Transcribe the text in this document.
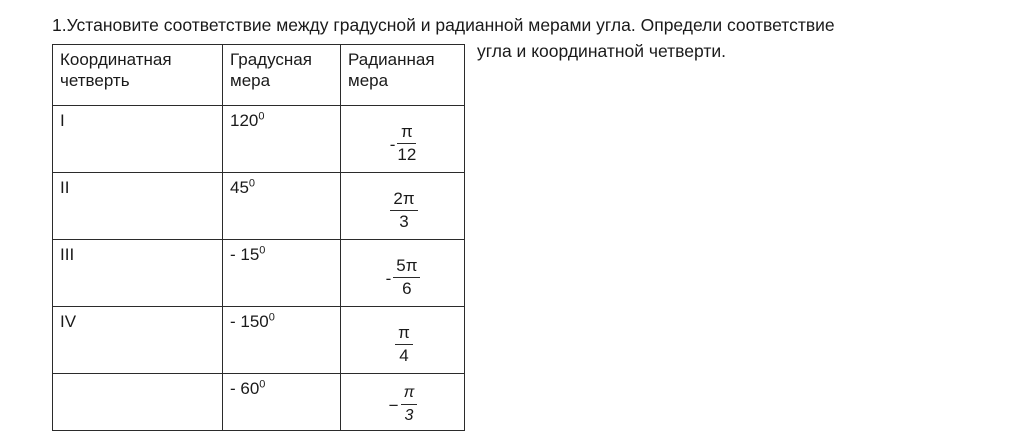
1.Установите соответствие между градусной и радианной мерами угла. Определи соответствие
угла и координатной четверти.
Координатная четверть	Градусная мера	Радианная мера
I	$120^0$	- $\frac{\pi}{12}$

II	$45^0$	$\frac{2\pi}{3}$

III	- $15^0$	- $\frac{5\pi}{6}$

IV	- $150^0$	$\frac{\pi}{4}$

	- $60^0$	− $\frac{\pi}{3}$
